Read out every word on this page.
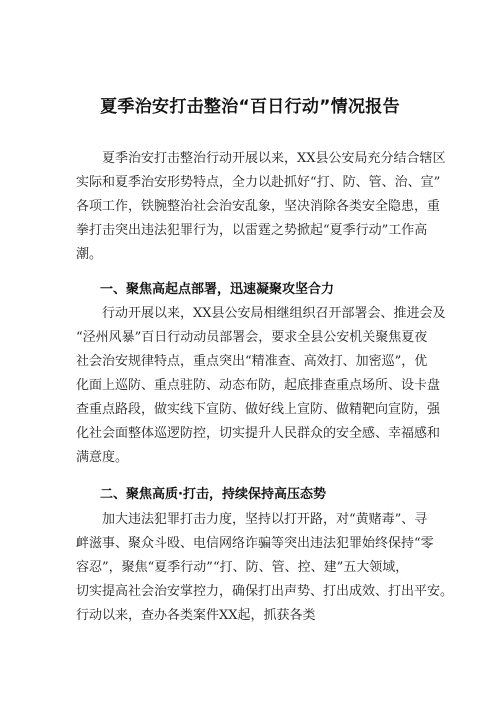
夏季治安打击整治“百日行动”情况报告

　　夏季治安打击整治行动开展以来，XX县公安局充分结合辖区
实际和夏季治安形势特点，全力以赴抓好“打、防、管、治、宣”
各项工作，铁腕整治社会治安乱象，坚决消除各类安全隐患，重
拳打击突出违法犯罪行为，以雷霆之势掀起“夏季行动”工作高
潮。

一、聚焦高起点部署，迅速凝聚攻坚合力

　　行动开展以来，XX县公安局相继组织召开部署会、推进会及
“泾州风暴”百日行动动员部署会，要求全县公安机关聚焦夏夜
社会治安规律特点，重点突出“精准查、高效打、加密巡”，优
化面上巡防、重点驻防、动态布防，起底排查重点场所、设卡盘
查重点路段，做实线下宣防、做好线上宣防、做精靶向宣防，强
化社会面整体巡逻防控，切实提升人民群众的安全感、幸福感和
满意度。

二、聚焦高质·打击，持续保持高压态势

　　加大违法犯罪打击力度，坚持以打开路，对“黄赌毒”、寻
衅滋事、聚众斗殴、电信网络诈骗等突出违法犯罪始终保持“零
容忍”，聚焦“夏季行动”“打、防、管、控、建”五大领域，
切实提高社会治安掌控力，确保打出声势、打出成效、打出平安。
行动以来，查办各类案件XX起，抓获各类
